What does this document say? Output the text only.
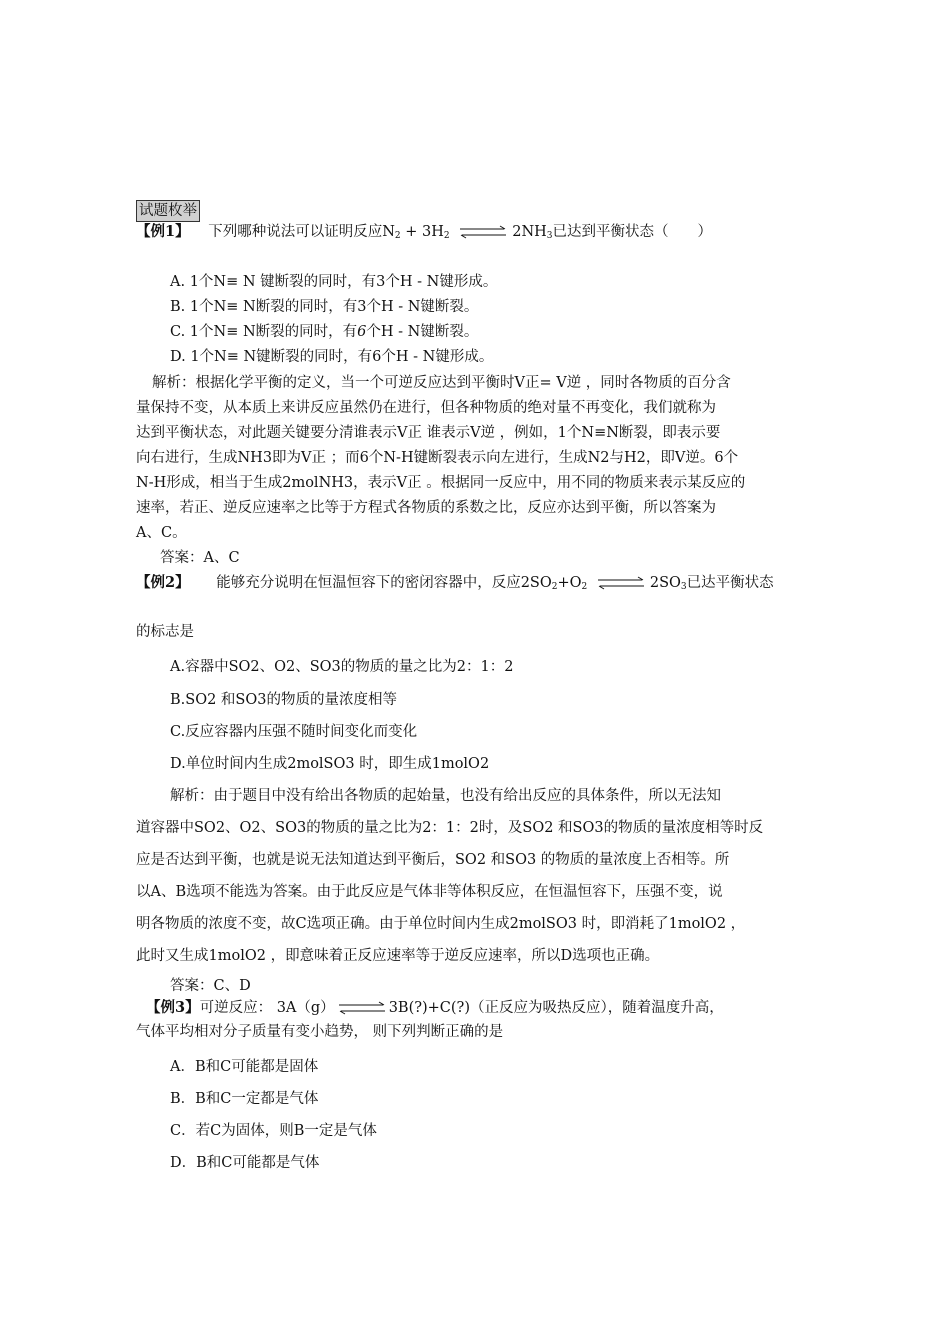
试题枚举
【例1】 下列哪种说法可以证明反应$N_2 + 3H_2$ ⇌ $2NH_3$已达到平衡状态（　　）
A. 1个N≡ N 键断裂的同时，有3个H - N键形成。
B. 1个N≡ N断裂的同时，有3个H - N键断裂。
C. 1个N≡ N断裂的同时，有6个H - N键断裂。
D. 1个N≡ N键断裂的同时，有6个H - N键形成。
解析：根据化学平衡的定义，当一个可逆反应达到平衡时V正= V逆 ，同时各物质的百分含
量保持不变，从本质上来讲反应虽然仍在进行，但各种物质的绝对量不再变化，我们就称为
达到平衡状态，对此题关键要分清谁表示V正 谁表示V逆 ，例如，1个N≡N断裂，即表示要
向右进行，生成NH3即为V正 ；而6个N-H键断裂表示向左进行，生成N2与H2，即V逆。6个
N-H形成，相当于生成2molNH3，表示V正 。根据同一反应中，用不同的物质来表示某反应的
速率，若正、逆反应速率之比等于方程式各物质的系数之比，反应亦达到平衡，所以答案为
A、C。
答案：A、C
【例2】 能够充分说明在恒温恒容下的密闭容器中，反应$2SO_2+O_2$ ⇌ $2SO_3$已达平衡状态
的标志是
A.容器中SO2、O2、SO3的物质的量之比为2：1：2
B.SO2 和SO3的物质的量浓度相等
C.反应容器内压强不随时间变化而变化
D.单位时间内生成2molSO3 时，即生成1molO2
解析：由于题目中没有给出各物质的起始量，也没有给出反应的具体条件，所以无法知
道容器中SO2、O2、SO3的物质的量之比为2：1：2时，及SO2 和SO3的物质的量浓度相等时反
应是否达到平衡，也就是说无法知道达到平衡后，SO2 和SO3 的物质的量浓度上否相等。所
以A、B选项不能选为答案。由于此反应是气体非等体积反应，在恒温恒容下，压强不变，说
明各物质的浓度不变，故C选项正确。由于单位时间内生成2molSO3 时，即消耗了1molO2 ，
此时又生成1molO2 ，即意味着正反应速率等于逆反应速率，所以D选项也正确。
答案：C、D
【例3】可逆反应： 3A（g） ⇌ 3B(?)+C(?)（正反应为吸热反应），随着温度升高，
气体平均相对分子质量有变小趋势， 则下列判断正确的是
A．B和C可能都是固体
B．B和C一定都是气体
C．若C为固体，则B一定是气体
D．B和C可能都是气体
